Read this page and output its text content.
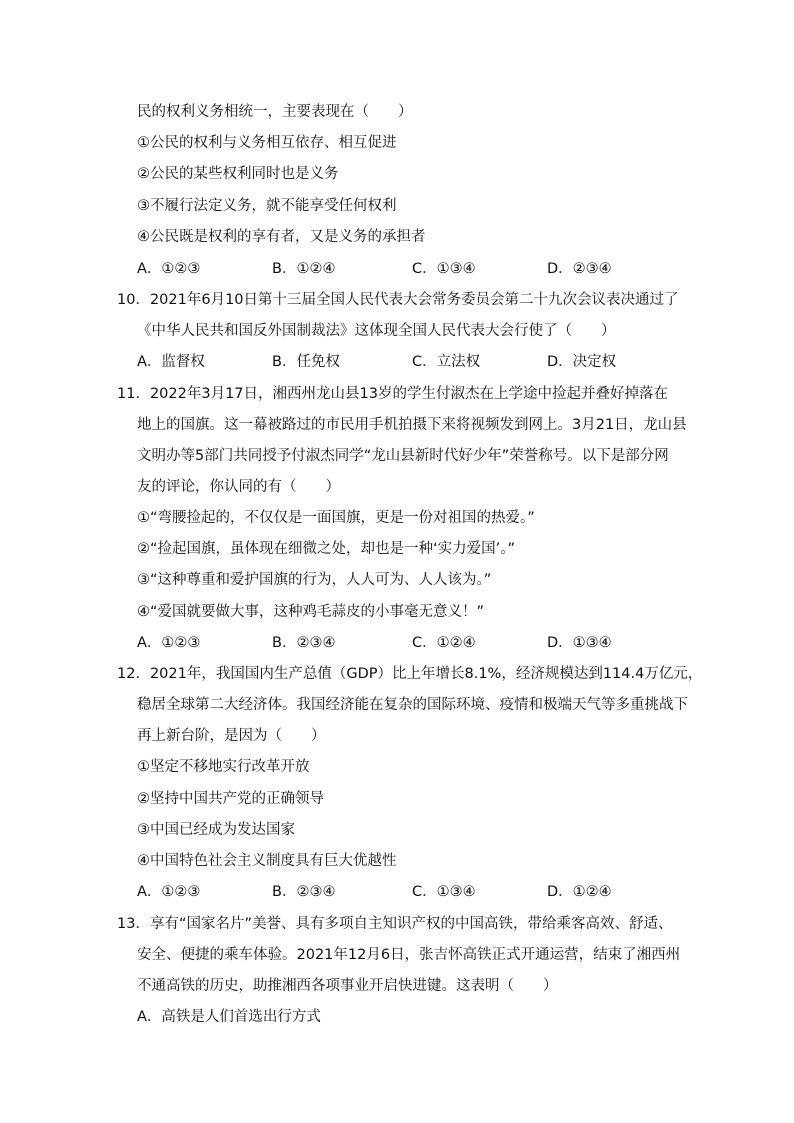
民的权利义务相统一，主要表现在（　　）
①公民的权利与义务相互依存、相互促进
②公民的某些权利同时也是义务
③不履行法定义务，就不能享受任何权利
④公民既是权利的享有者，又是义务的承担者
A．①②③	B．①②④	C．①③④	D．②③④
10．2021年6月10日第十三届全国人民代表大会常务委员会第二十九次会议表决通过了
《中华人民共和国反外国制裁法》这体现全国人民代表大会行使了（　　）
A．监督权	B．任免权	C．立法权	D．决定权
11．2022年3月17日，湘西州龙山县13岁的学生付淑杰在上学途中捡起并叠好掉落在
地上的国旗。这一幕被路过的市民用手机拍摄下来将视频发到网上。3月21日，龙山县
文明办等5部门共同授予付淑杰同学“龙山县新时代好少年”荣誉称号。以下是部分网
友的评论，你认同的有（　　）
①“弯腰捡起的，不仅仅是一面国旗，更是一份对祖国的热爱。”
②“捡起国旗，虽体现在细微之处，却也是一种‘实力爱国’。”
③“这种尊重和爱护国旗的行为，人人可为、人人该为。”
④“爱国就要做大事，这种鸡毛蒜皮的小事毫无意义！”
A．①②③	B．②③④	C．①②④	D．①③④
12．2021年，我国国内生产总值（GDP）比上年增长8.1%，经济规模达到114.4万亿元，
稳居全球第二大经济体。我国经济能在复杂的国际环境、疫情和极端天气等多重挑战下
再上新台阶，是因为（　　）
①坚定不移地实行改革开放
②坚持中国共产党的正确领导
③中国已经成为发达国家
④中国特色社会主义制度具有巨大优越性
A．①②③	B．②③④	C．①③④	D．①②④
13．享有“国家名片”美誉、具有多项自主知识产权的中国高铁，带给乘客高效、舒适、
安全、便捷的乘车体验。2021年12月6日，张吉怀高铁正式开通运营，结束了湘西州
不通高铁的历史，助推湘西各项事业开启快进键。这表明（　　）
A．高铁是人们首选出行方式
